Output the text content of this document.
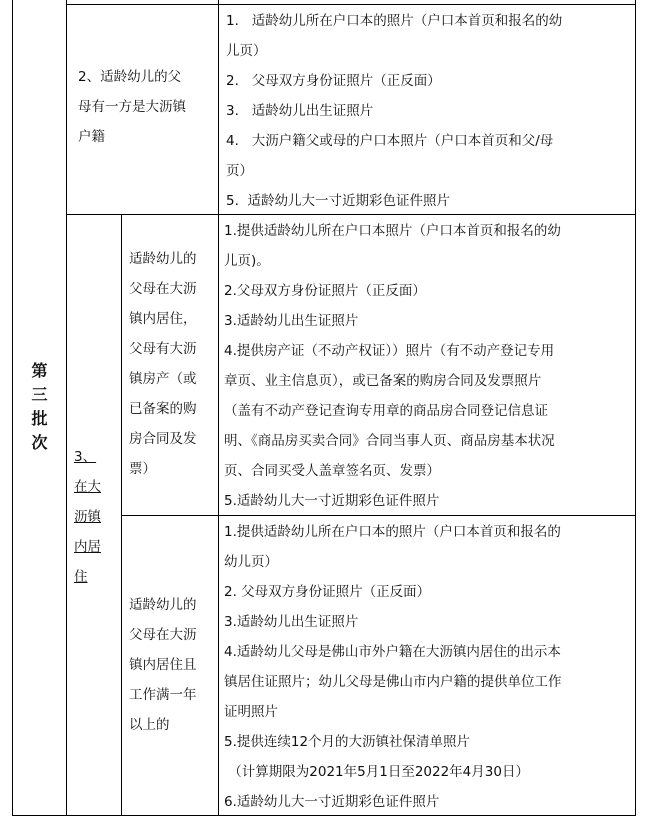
第三批次
2、适龄幼儿的父
母有一方是大沥镇
户籍
1.   适龄幼儿所在户口本的照片（户口本首页和报名的幼
儿页）
2.   父母双方身份证照片（正反面）
3.   适龄幼儿出生证照片
4.   大沥户籍父或母的户口本照片（户口本首页和父/母
页）
5.  适龄幼儿大一寸近期彩色证件照片
3、
在大
沥镇
内居
住
适龄幼儿的
父母在大沥
镇内居住，
父母有大沥
镇房产（或
已备案的购
房合同及发
票）
1.提供适龄幼儿所在户口本照片（户口本首页和报名的幼
儿页)。
2.父母双方身份证照片（正反面）
3.适龄幼儿出生证照片
4.提供房产证（不动产权证））照片（有不动产登记专用
章页、业主信息页），或已备案的购房合同及发票照片
（盖有不动产登记查询专用章的商品房合同登记信息证
明、《商品房买卖合同》合同当事人页、商品房基本状况
页、合同买受人盖章签名页、发票）
5.适龄幼儿大一寸近期彩色证件照片
适龄幼儿的
父母在大沥
镇内居住且
工作满一年
以上的
1.提供适龄幼儿所在户口本的照片（户口本首页和报名的
幼儿页）
2. 父母双方身份证照片（正反面）
3.适龄幼儿出生证照片
4.适龄幼儿父母是佛山市外户籍在大沥镇内居住的出示本
镇居住证照片；幼儿父母是佛山市内户籍的提供单位工作
证明照片
5.提供连续12个月的大沥镇社保清单照片
（计算期限为2021年5月1日至2022年4月30日）
6.适龄幼儿大一寸近期彩色证件照片
